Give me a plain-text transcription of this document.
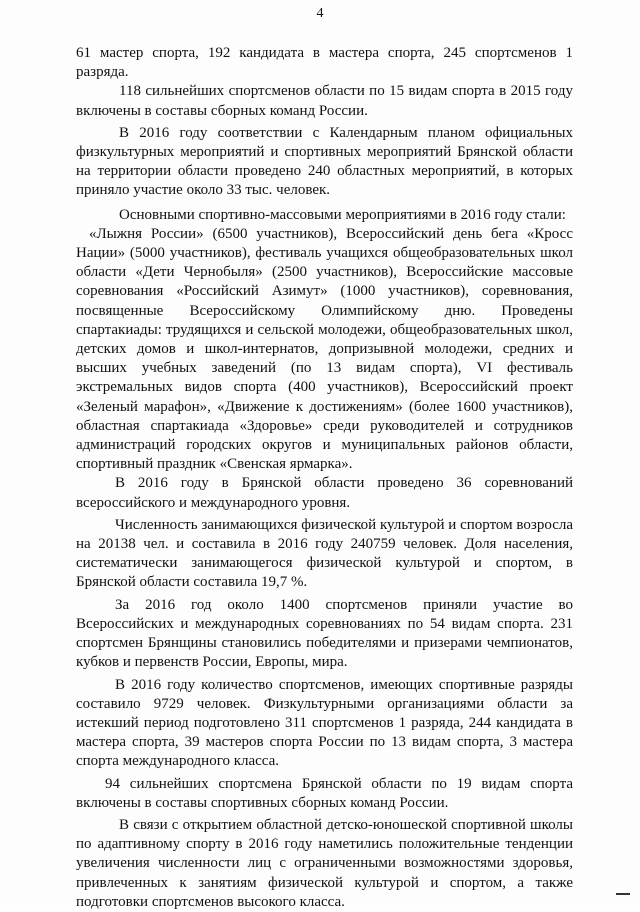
4

61 мастер спорта, 192 кандидата в мастера спорта, 245 спортсменов 1 разряда.

118 сильнейших спортсменов области по 15 видам спорта в 2015 году включены в составы сборных команд России.

В 2016 году соответствии с Календарным планом официальных физкультурных мероприятий и спортивных мероприятий Брянской области на территории области проведено 240 областных мероприятий, в которых приняло участие около 33 тыс. человек.

Основными спортивно-массовыми мероприятиями в 2016 году стали:

«Лыжня России» (6500 участников), Всероссийский день бега «Кросс Нации» (5000 участников), фестиваль учащихся общеобразовательных школ области «Дети Чернобыля» (2500 участников), Всероссийские массовые соревнования «Российский Азимут» (1000 участников), соревнования, посвященные Всероссийскому Олимпийскому дню. Проведены спартакиады: трудящихся и сельской молодежи, общеобразовательных школ, детских домов и школ-интернатов, допризывной молодежи, средних и высших учебных заведений (по 13 видам спорта), VI фестиваль экстремальных видов спорта (400 участников), Всероссийский проект «Зеленый марафон», «Движение к достижениям» (более 1600 участников), областная спартакиада «Здоровье» среди руководителей и сотрудников администраций городских округов и муниципальных районов области, спортивный праздник «Свенская ярмарка».

В 2016 году в Брянской области проведено 36 соревнований всероссийского и международного уровня.

Численность занимающихся физической культурой и спортом возросла на 20138 чел. и составила в 2016 году 240759 человек. Доля населения, систематически занимающегося физической культурой и спортом, в Брянской области составила 19,7 %.

За 2016 год около 1400 спортсменов приняли участие во Всероссийских и международных соревнованиях по 54 видам спорта. 231 спортсмен Брянщины становились победителями и призерами чемпионатов, кубков и первенств России, Европы, мира.

В 2016 году количество спортсменов, имеющих спортивные разряды составило 9729 человек. Физкультурными организациями области за истекший период подготовлено 311 спортсменов 1 разряда, 244 кандидата в мастера спорта, 39 мастеров спорта России по 13 видам спорта, 3 мастера спорта международного класса.

94 сильнейших спортсмена Брянской области по 19 видам спорта включены в составы спортивных сборных команд России.

В связи с открытием областной детско-юношеской спортивной школы по адаптивному спорту в 2016 году наметились положительные тенденции увеличения численности лиц с ограниченными возможностями здоровья, привлеченных к занятиям физической культурой и спортом, а также подготовки спортсменов высокого класса.
